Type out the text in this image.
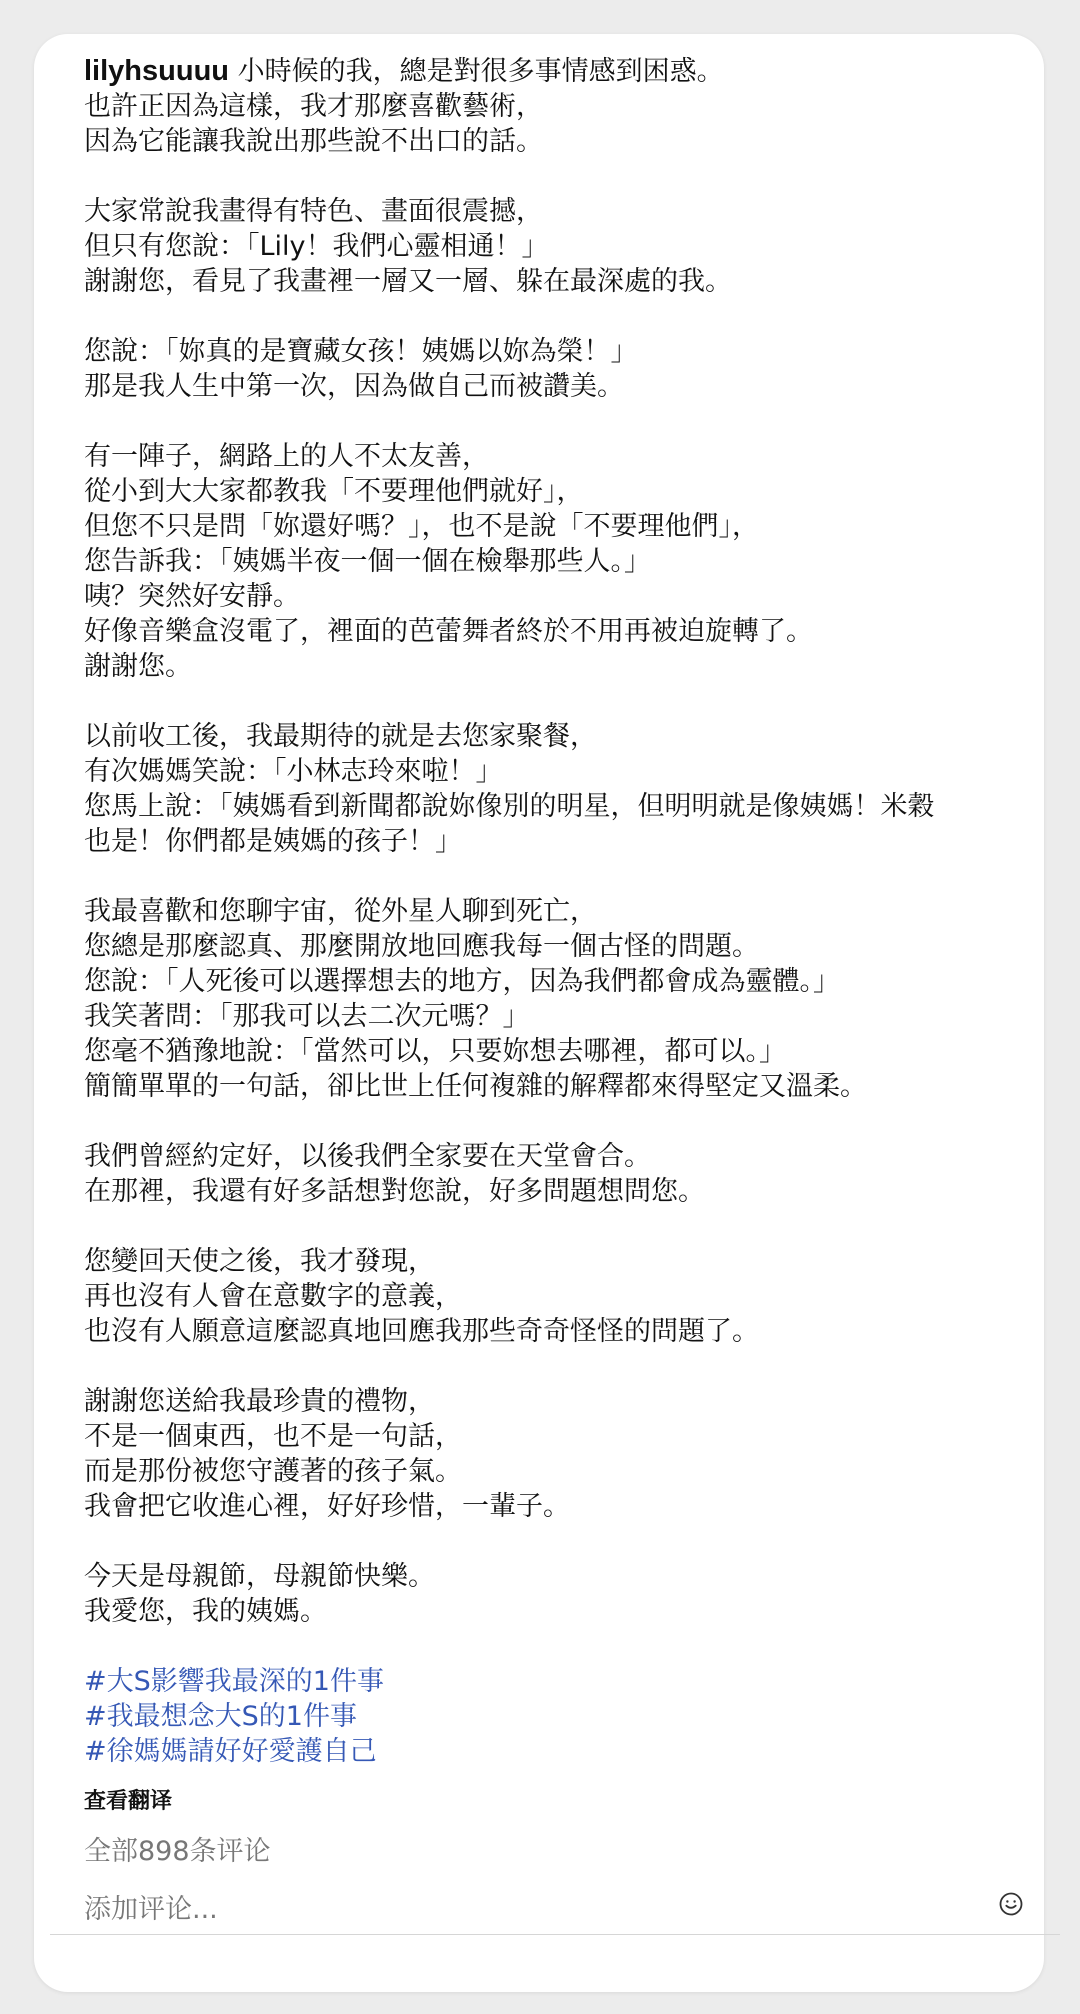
lilyhsuuuu 小時候的我，總是對很多事情感到困惑。
也許正因為這樣，我才那麼喜歡藝術，
因為它能讓我說出那些說不出口的話。
大家常說我畫得有特色、畫面很震撼，
但只有您說：「Lily！我們心靈相通！」
謝謝您，看見了我畫裡一層又一層、躲在最深處的我。
您說：「妳真的是寶藏女孩！姨媽以妳為榮！」
那是我人生中第一次，因為做自己而被讚美。
有一陣子，網路上的人不太友善，
從小到大大家都教我「不要理他們就好」，
但您不只是問「妳還好嗎？」，也不是說「不要理他們」，
您告訴我：「姨媽半夜一個一個在檢舉那些人。」
咦？突然好安靜。
好像音樂盒沒電了，裡面的芭蕾舞者終於不用再被迫旋轉了。
謝謝您。
以前收工後，我最期待的就是去您家聚餐，
有次媽媽笑說：「小林志玲來啦！」
您馬上說：「姨媽看到新聞都說妳像別的明星，但明明就是像姨媽！米穀
也是！你們都是姨媽的孩子！」
我最喜歡和您聊宇宙，從外星人聊到死亡，
您總是那麼認真、那麼開放地回應我每一個古怪的問題。
您說：「人死後可以選擇想去的地方，因為我們都會成為靈體。」
我笑著問：「那我可以去二次元嗎？」
您毫不猶豫地說：「當然可以，只要妳想去哪裡，都可以。」
簡簡單單的一句話，卻比世上任何複雜的解釋都來得堅定又溫柔。
我們曾經約定好，以後我們全家要在天堂會合。
在那裡，我還有好多話想對您說，好多問題想問您。
您變回天使之後，我才發現，
再也沒有人會在意數字的意義，
也沒有人願意這麼認真地回應我那些奇奇怪怪的問題了。
謝謝您送給我最珍貴的禮物，
不是一個東西，也不是一句話，
而是那份被您守護著的孩子氣。
我會把它收進心裡，好好珍惜，一輩子。
今天是母親節，母親節快樂。
我愛您，我的姨媽。
#大S影響我最深的1件事
#我最想念大S的1件事
#徐媽媽請好好愛護自己
查看翻译
全部898条评论
添加评论...
